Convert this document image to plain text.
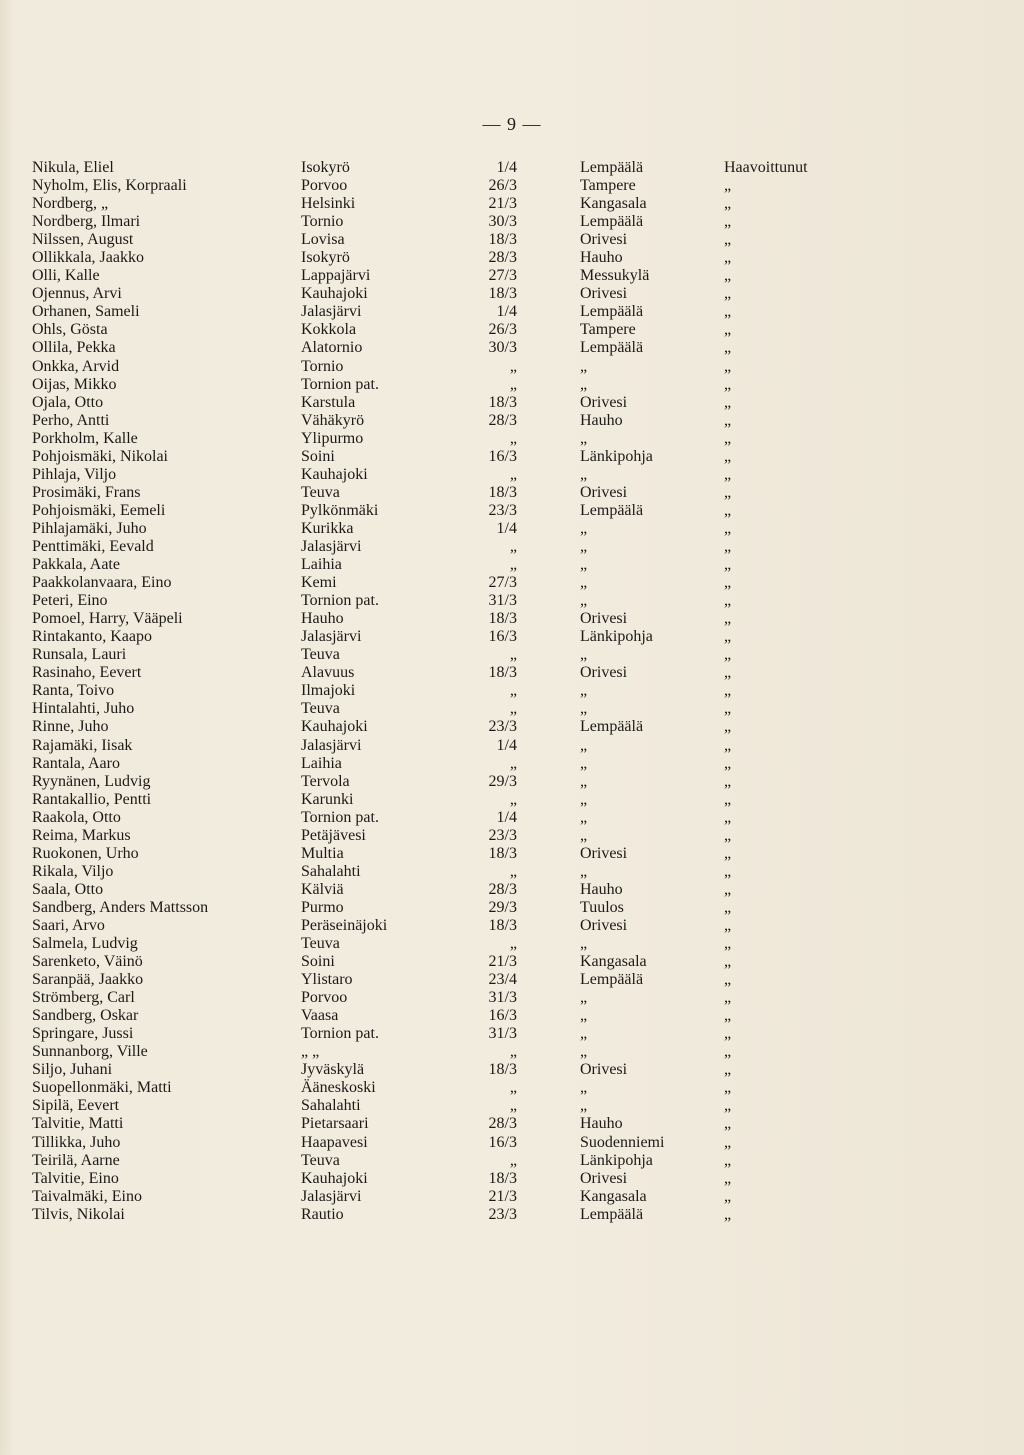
— 9 —
Nikula, Eliel	Isokyrö	1/4	Lempäälä	Haavoittunut
Nyholm, Elis, Korpraali	Porvoo	26/3	Tampere	„
Nordberg, „	Helsinki	21/3	Kangasala	„
Nordberg, Ilmari	Tornio	30/3	Lempäälä	„
Nilssen, August	Lovisa	18/3	Orivesi	„
Ollikkala, Jaakko	Isokyrö	28/3	Hauho	„
Olli, Kalle	Lappajärvi	27/3	Messukylä	„
Ojennus, Arvi	Kauhajoki	18/3	Orivesi	„
Orhanen, Sameli	Jalasjärvi	1/4	Lempäälä	„
Ohls, Gösta	Kokkola	26/3	Tampere	„
Ollila, Pekka	Alatornio	30/3	Lempäälä	„
Onkka, Arvid	Tornio	„	„	„
Oijas, Mikko	Tornion pat.	„	„	„
Ojala, Otto	Karstula	18/3	Orivesi	„
Perho, Antti	Vähäkyrö	28/3	Hauho	„
Porkholm, Kalle	Ylipurmo	„	„	„
Pohjoismäki, Nikolai	Soini	16/3	Länkipohja	„
Pihlaja, Viljo	Kauhajoki	„	„	„
Prosimäki, Frans	Teuva	18/3	Orivesi	„
Pohjoismäki, Eemeli	Pylkönmäki	23/3	Lempäälä	„
Pihlajamäki, Juho	Kurikka	1/4	„	„
Penttimäki, Eevald	Jalasjärvi	„	„	„
Pakkala, Aate	Laihia	„	„	„
Paakkolanvaara, Eino	Kemi	27/3	„	„
Peteri, Eino	Tornion pat.	31/3	„	„
Pomoel, Harry, Vääpeli	Hauho	18/3	Orivesi	„
Rintakanto, Kaapo	Jalasjärvi	16/3	Länkipohja	„
Runsala, Lauri	Teuva	„	„	„
Rasinaho, Eevert	Alavuus	18/3	Orivesi	„
Ranta, Toivo	Ilmajoki	„	„	„
Hintalahti, Juho	Teuva	„	„	„
Rinne, Juho	Kauhajoki	23/3	Lempäälä	„
Rajamäki, Iisak	Jalasjärvi	1/4	„	„
Rantala, Aaro	Laihia	„	„	„
Ryynänen, Ludvig	Tervola	29/3	„	„
Rantakallio, Pentti	Karunki	„	„	„
Raakola, Otto	Tornion pat.	1/4	„	„
Reima, Markus	Petäjävesi	23/3	„	„
Ruokonen, Urho	Multia	18/3	Orivesi	„
Rikala, Viljo	Sahalahti	„	„	„
Saala, Otto	Kälviä	28/3	Hauho	„
Sandberg, Anders Mattsson	Purmo	29/3	Tuulos	„
Saari, Arvo	Peräseinäjoki	18/3	Orivesi	„
Salmela, Ludvig	Teuva	„	„	„
Sarenketo, Väinö	Soini	21/3	Kangasala	„
Saranpää, Jaakko	Ylistaro	23/4	Lempäälä	„
Strömberg, Carl	Porvoo	31/3	„	„
Sandberg, Oskar	Vaasa	16/3	„	„
Springare, Jussi	Tornion pat.	31/3	„	„
Sunnanborg, Ville	„ „	„	„	„
Siljo, Juhani	Jyväskylä	18/3	Orivesi	„
Suopellonmäki, Matti	Ääneskoski	„	„	„
Sipilä, Eevert	Sahalahti	„	„	„
Talvitie, Matti	Pietarsaari	28/3	Hauho	„
Tillikka, Juho	Haapavesi	16/3	Suodenniemi	„
Teirilä, Aarne	Teuva	„	Länkipohja	„
Talvitie, Eino	Kauhajoki	18/3	Orivesi	„
Taivalmäki, Eino	Jalasjärvi	21/3	Kangasala	„
Tilvis, Nikolai	Rautio	23/3	Lempäälä	„
